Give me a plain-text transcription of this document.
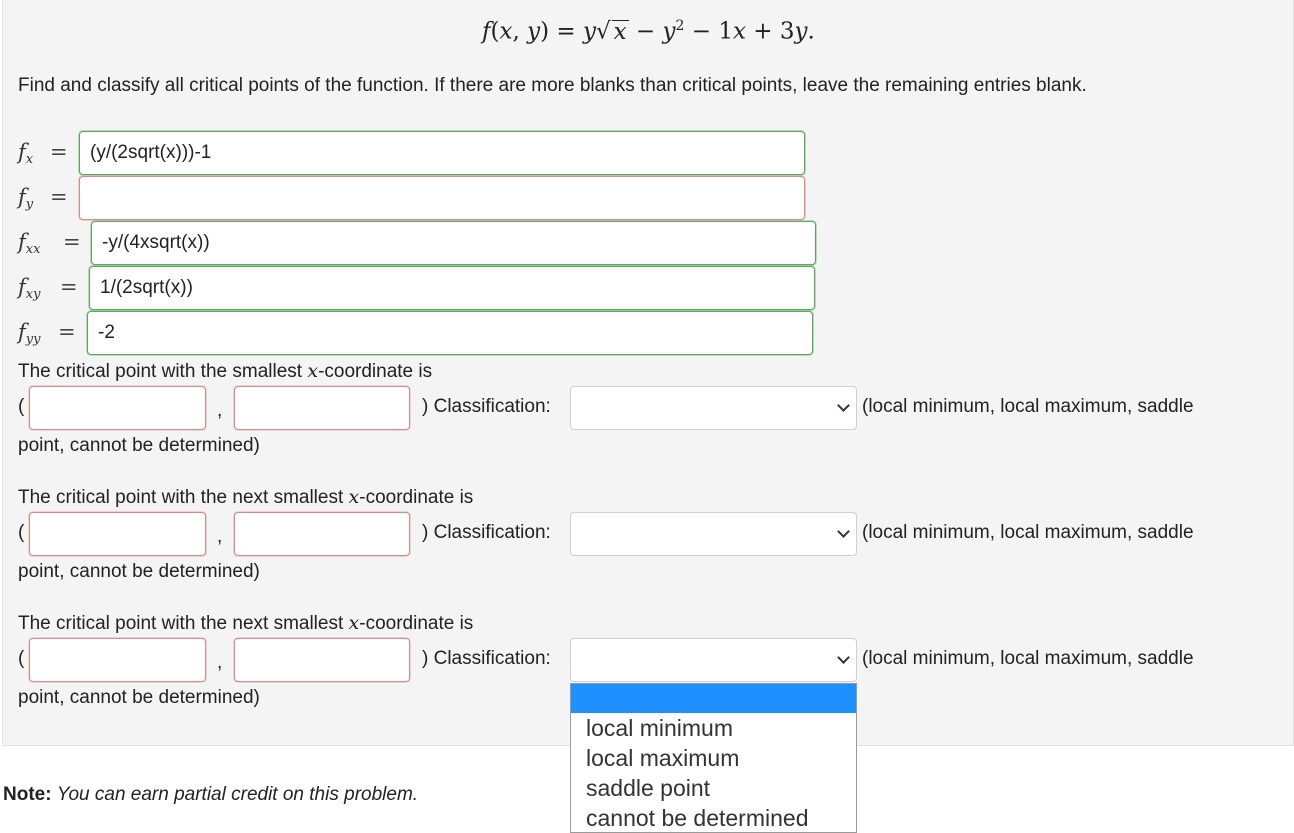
f(x, y) = y√ $x - y^2 - 1x + 3y$.
Find and classify all critical points of the function. If there are more blanks than critical points, leave the remaining entries blank.
$f_x$ =	(y/(2sqrt(x)))-1
$f_y$ =
$f_{xx}$ =	-y/(4xsqrt(x))
$f_{xy}$ =	1/(2sqrt(x))
$f_{yy}$ =	-2
The critical point with the smallest x-coordinate is
(	,	) Classification:	(local minimum, local maximum, saddle
point, cannot be determined)
The critical point with the next smallest x-coordinate is
(	,	) Classification:	(local minimum, local maximum, saddle
point, cannot be determined)
The critical point with the next smallest x-coordinate is
(	,	) Classification:	(local minimum, local maximum, saddle
point, cannot be determined)
Note: You can earn partial credit on this problem.
local minimum
local maximum
saddle point
cannot be determined
